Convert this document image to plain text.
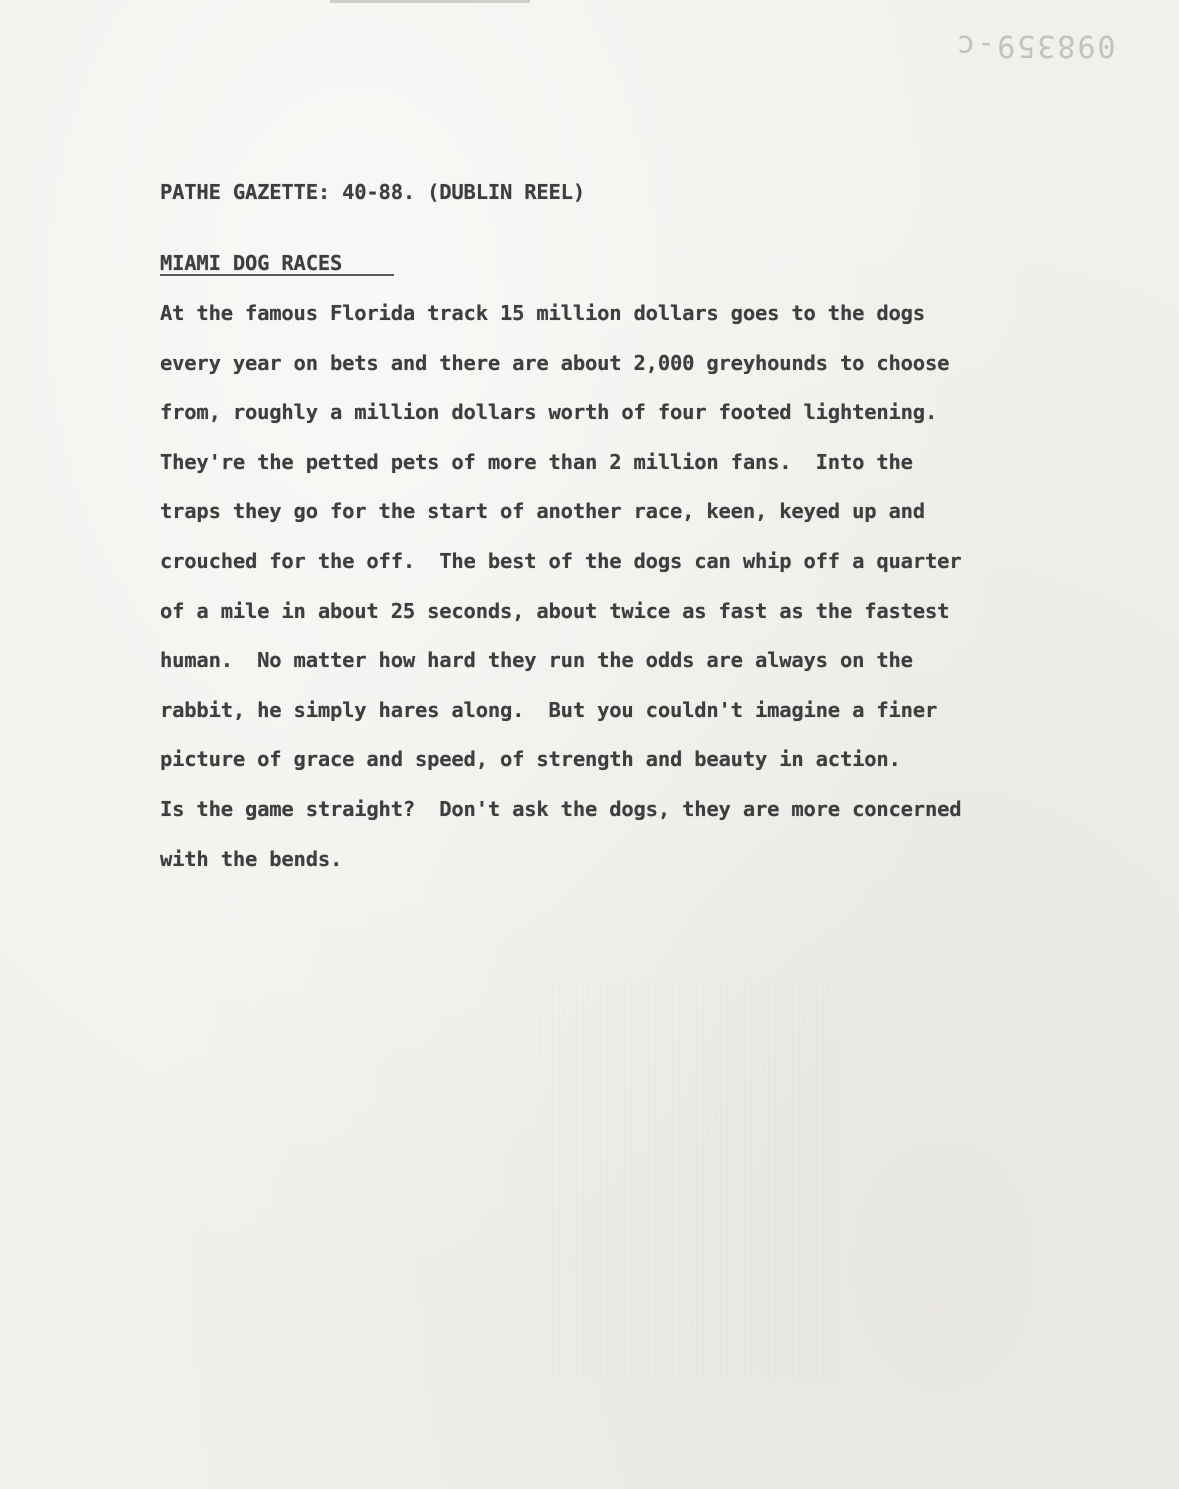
098359-c
PATHE GAZETTE: 40-88. (DUBLIN REEL)
MIAMI DOG RACES
At the famous Florida track 15 million dollars goes to the dogs
every year on bets and there are about 2,000 greyhounds to choose
from, roughly a million dollars worth of four footed lightening.
They're the petted pets of more than 2 million fans.  Into the
traps they go for the start of another race, keen, keyed up and
crouched for the off.  The best of the dogs can whip off a quarter
of a mile in about 25 seconds, about twice as fast as the fastest
human.  No matter how hard they run the odds are always on the
rabbit, he simply hares along.  But you couldn't imagine a finer
picture of grace and speed, of strength and beauty in action.
Is the game straight?  Don't ask the dogs, they are more concerned
with the bends.
